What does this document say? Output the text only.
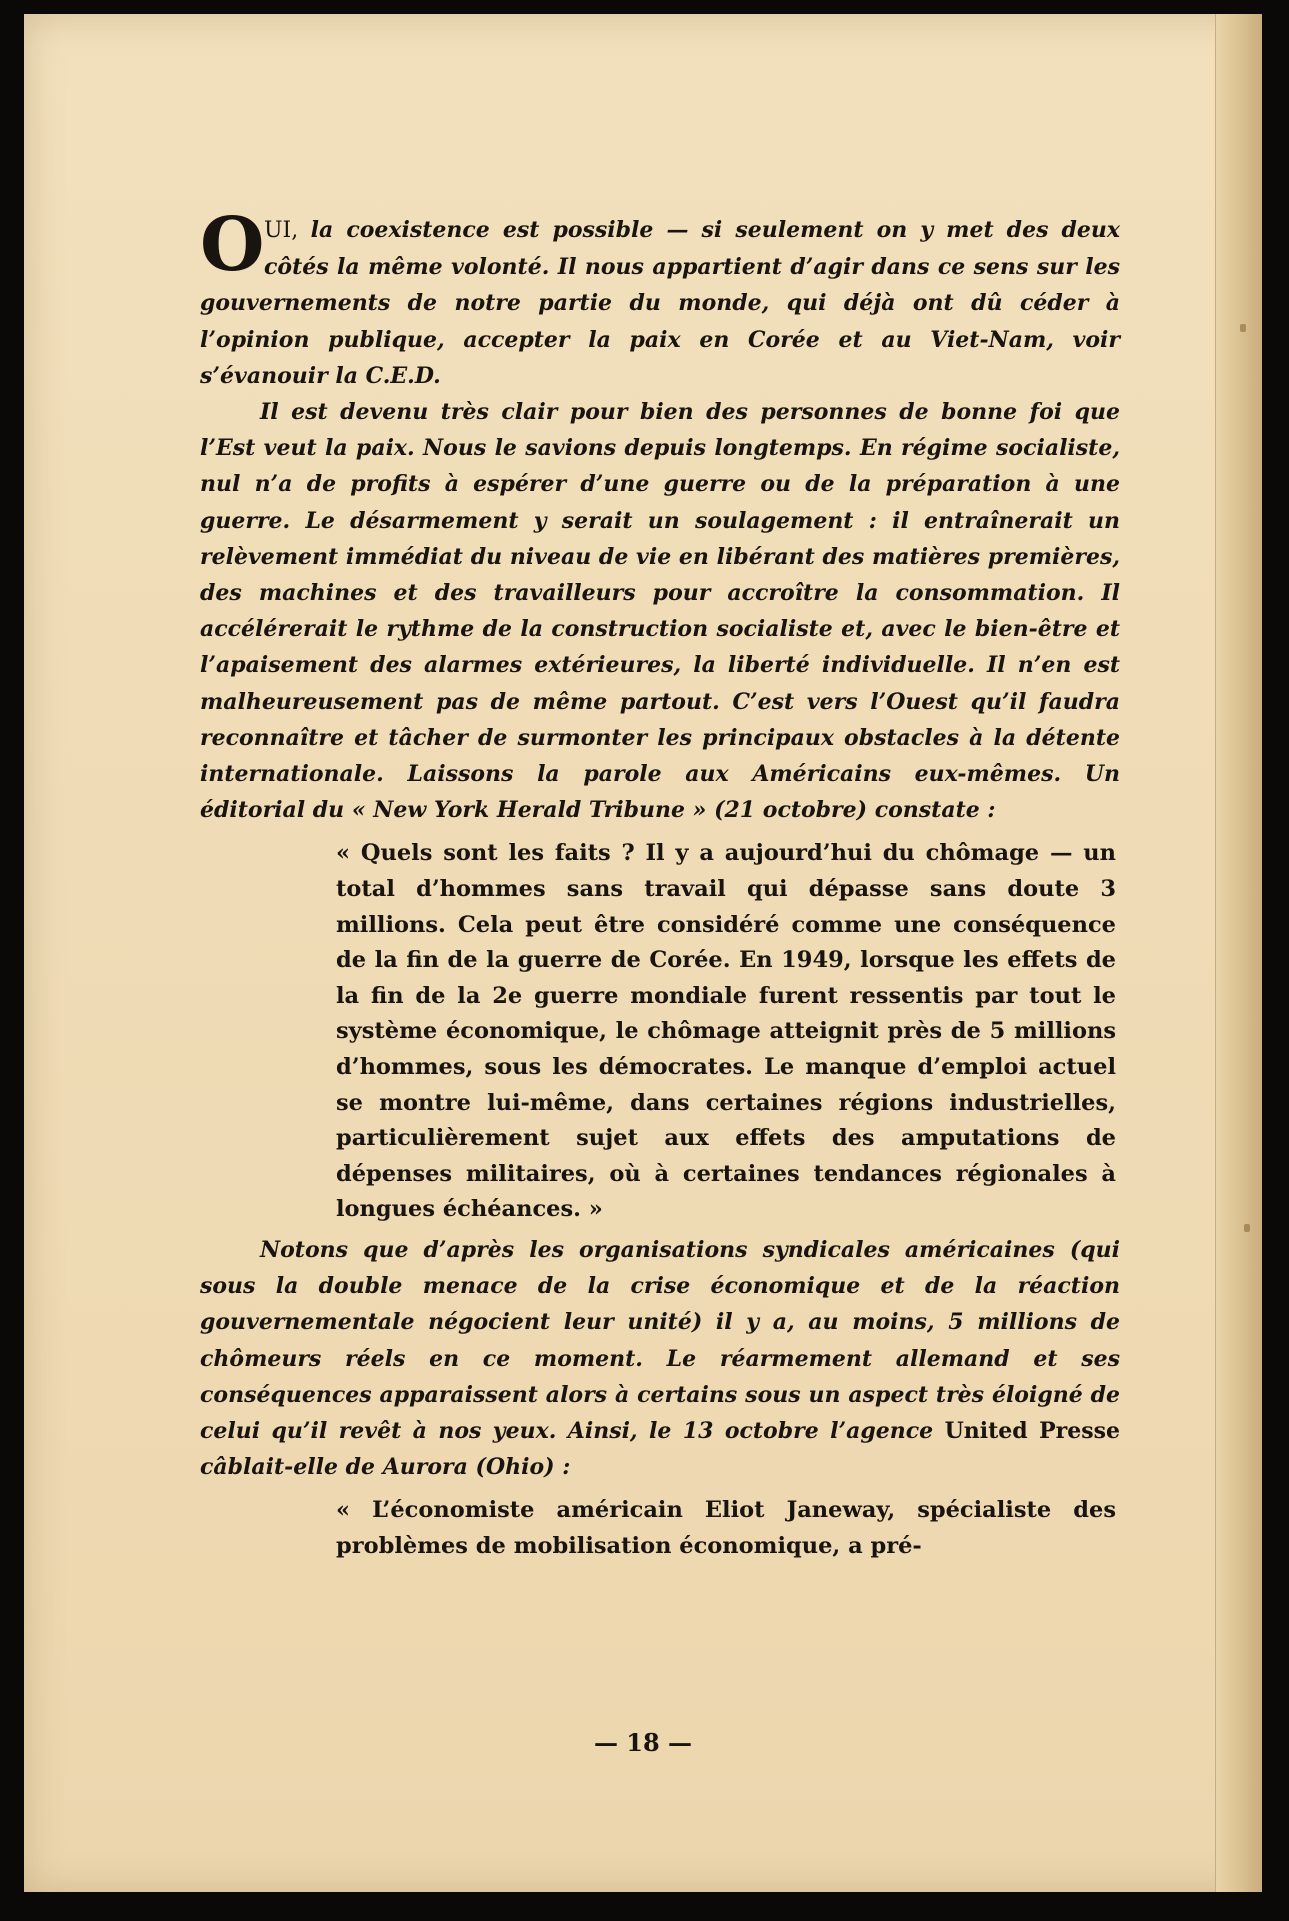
OUI, la coexistence est possible — si seulement on y met des deux côtés la même volonté. Il nous appartient d’agir dans ce sens sur les gouvernements de notre partie du monde, qui déjà ont dû céder à l’opinion publique, accepter la paix en Corée et au Viet-Nam, voir s’évanouir la C.E.D.

Il est devenu très clair pour bien des personnes de bonne foi que l’Est veut la paix. Nous le savions depuis longtemps. En régime socialiste, nul n’a de profits à espérer d’une guerre ou de la préparation à une guerre. Le désarmement y serait un soulagement : il entraînerait un relèvement immédiat du niveau de vie en libérant des matières premières, des machines et des travailleurs pour accroître la consommation. Il accélérerait le rythme de la construction socialiste et, avec le bien-être et l’apaisement des alarmes extérieures, la liberté individuelle. Il n’en est malheureusement pas de même partout. C’est vers l’Ouest qu’il faudra reconnaître et tâcher de surmonter les principaux obstacles à la détente internationale. Laissons la parole aux Américains eux-mêmes. Un éditorial du « New York Herald Tribune » (21 octobre) constate :

« Quels sont les faits ? Il y a aujourd’hui du chômage — un total d’hommes sans travail qui dépasse sans doute 3 millions. Cela peut être considéré comme une conséquence de la fin de la guerre de Corée. En 1949, lorsque les effets de la fin de la 2e guerre mondiale furent ressentis par tout le système économique, le chômage atteignit près de 5 millions d’hommes, sous les démocrates. Le manque d’emploi actuel se montre lui-même, dans certaines régions industrielles, particulièrement sujet aux effets des amputations de dépenses militaires, où à certaines tendances régionales à longues échéances. »

Notons que d’après les organisations syndicales américaines (qui sous la double menace de la crise économique et de la réaction gouvernementale négocient leur unité) il y a, au moins, 5 millions de chômeurs réels en ce moment. Le réarmement allemand et ses conséquences apparaissent alors à certains sous un aspect très éloigné de celui qu’il revêt à nos yeux. Ainsi, le 13 octobre l’agence United Presse câblait-elle de Aurora (Ohio) :

« L’économiste américain Eliot Janeway, spécialiste des problèmes de mobilisation économique, a pré-

— 18 —
